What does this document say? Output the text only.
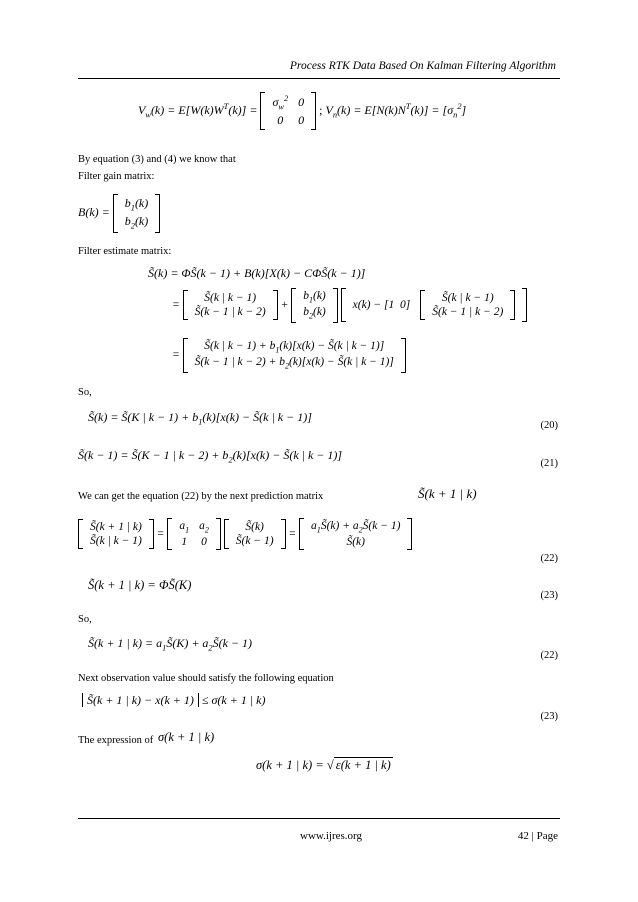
Process RTK Data Based On Kalman Filtering Algorithm
$V_w(k) = E[W(k)W^T(k)]$ =
$\sigma_w^2$	0
0	0
; $V_n(k) = E[N(k)N^T(k)] = [\sigma_n^2]$
By equation (3) and (4) we know that
Filter gain matrix:
B(k) =
$b_1(k)$
$b_2(k)$
Filter estimate matrix:
S̃(k) = ΦS̃(k − 1) + B(k)[X(k) − CΦS̃(k − 1)]
=
S̃(k | k − 1)
S̃(k − 1 | k − 2)
+
$b_1(k)$
$b_2(k)$

x(k) − [1  0]	
S̃(k | k − 1)
S̃(k − 1 | k − 2)
=
S̃(k | $k - 1) + b_1(k)[x(k)$ − S̃(k | k − 1)]
S̃(k − 1 | $k - 2) + b_2(k)[x(k)$ − S̃(k | k − 1)]
So,
S̃(k) = S̃(K | $k - 1) + b_1(k)[x(k)$ − S̃(k | k − 1)]
(20)
S̃(k − 1) = S̃(K − 1 | $k - 2) + b_2(k)[x(k)$ − S̃(k | k − 1)]
(21)
We can get the equation (22) by the next prediction matrix	S̃(k + 1 | k)
S̃(k + 1 | k)
S̃(k | k − 1)
=
$a_1$	$a_2$
1	0

S̃(k)
S̃(k − 1)
=
$a_1S̃(k)$ + $a_2S̃(k - 1)$
S̃(k)
(22)
S̃(k + 1 | k) = ΦS̃(K)
(23)
So,
S̃(k + 1 | $k) = a_1S̃(K)$ + $a_2S̃(k - 1)$
(22)
Next observation value should satisfy the following equation
S̃(k + 1 | k) − x(k + 1) ≤ σ(k + 1 | k)
(23)
The expression of σ(k + 1 | k)
σ(k + 1 | k) = √ ε(k + 1 | k)
www.ijres.org	42 | Page
